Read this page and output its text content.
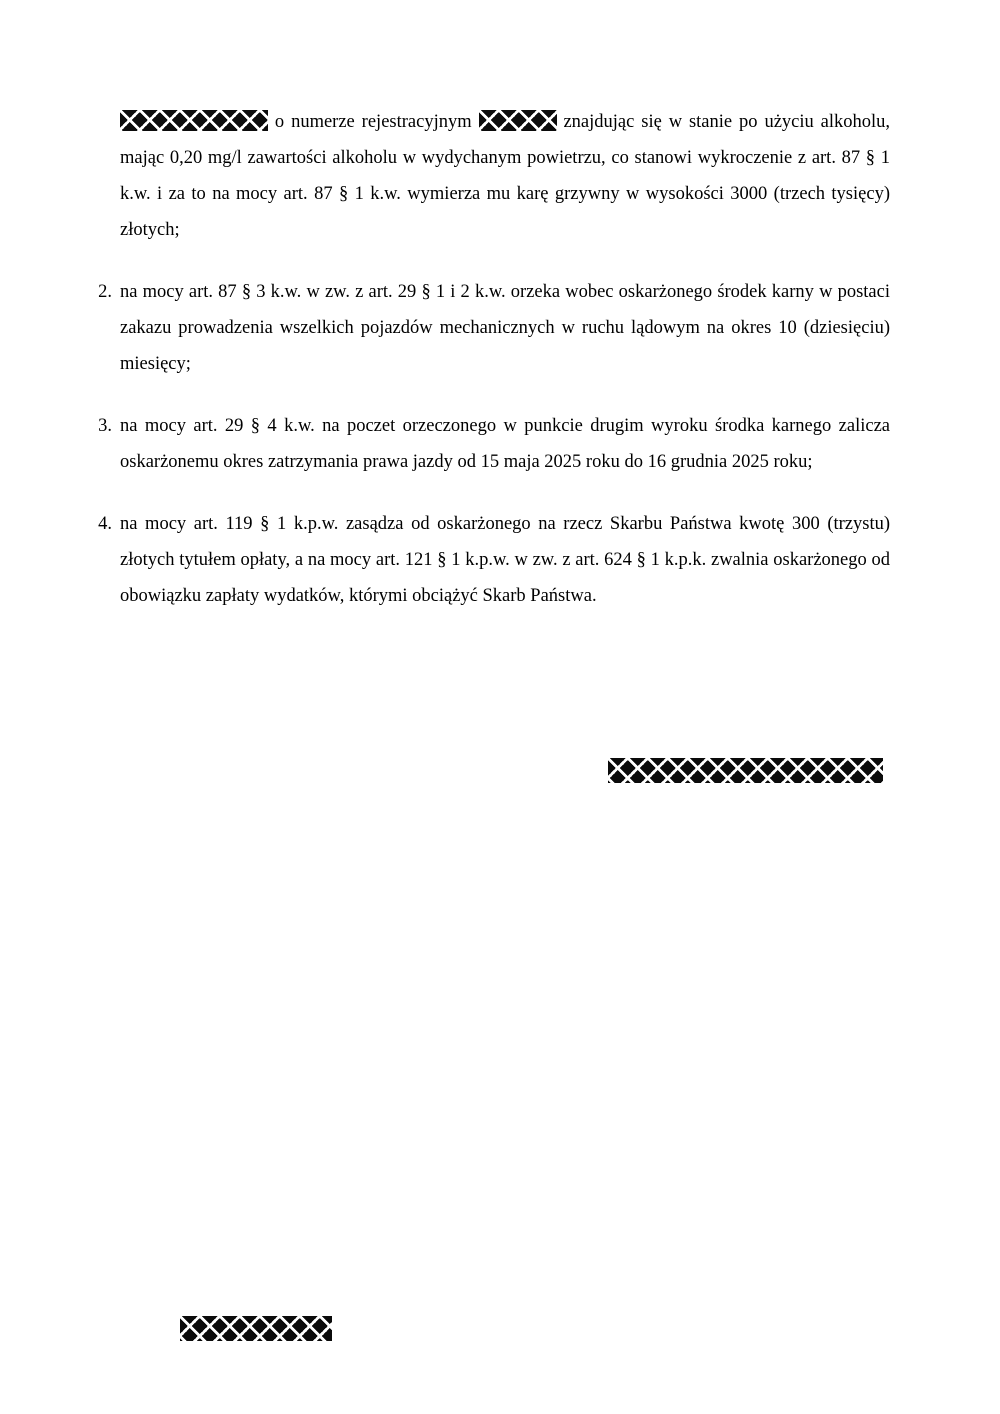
o numerze rejestracyjnym	znajdując się w stanie po użyciu alkoholu, mając 0,20 mg/l zawartości alkoholu w wydychanym powietrzu, co stanowi wykroczenie z art. 87 § 1 k.w. i za to na mocy art. 87 § 1 k.w. wymierza mu karę grzywny w wysokości 3000 (trzech tysięcy) złotych;

2. na mocy art. 87 § 3 k.w. w zw. z art. 29 § 1 i 2 k.w. orzeka wobec oskarżonego środek karny w postaci zakazu prowadzenia wszelkich pojazdów mechanicznych w ruchu lądowym na okres 10 (dziesięciu) miesięcy;
3. na mocy art. 29 § 4 k.w. na poczet orzeczonego w punkcie drugim wyroku środka karnego zalicza oskarżonemu okres zatrzymania prawa jazdy od 15 maja 2025 roku do 16 grudnia 2025 roku;
4. na mocy art. 119 § 1 k.p.w. zasądza od oskarżonego na rzecz Skarbu Państwa kwotę 300 (trzystu) złotych tytułem opłaty, a na mocy art. 121 § 1 k.p.w. w zw. z art. 624 § 1 k.p.k. zwalnia oskarżonego od obowiązku zapłaty wydatków, którymi obciążyć Skarb Państwa.
